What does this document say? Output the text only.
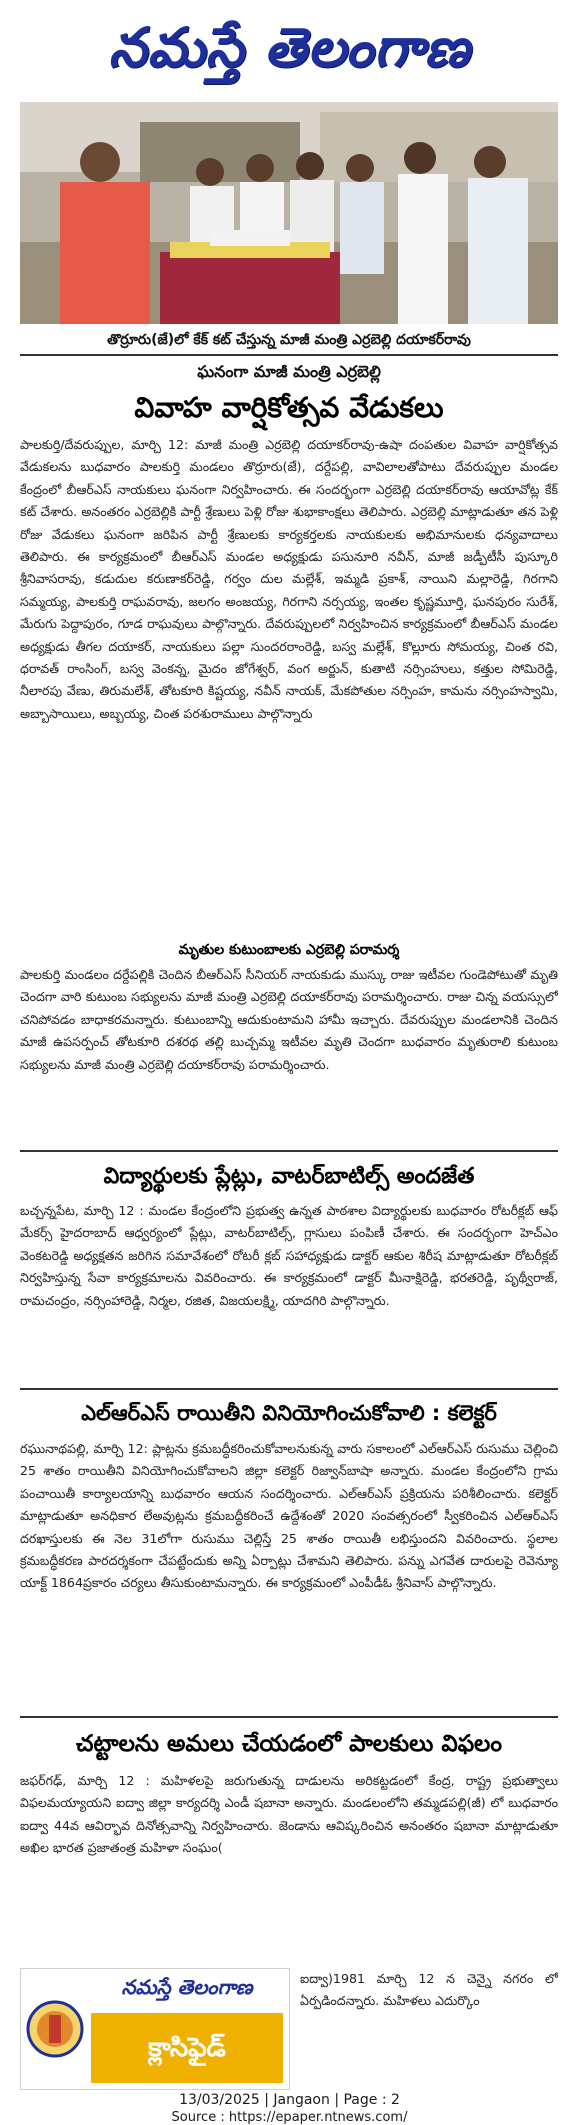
నమస్తే తెలంగాణ
తొర్రూరు(జే)లో కేక్ కట్ చేస్తున్న మాజీ మంత్రి ఎర్రబెల్లి దయాకర్‌రావు
ఘనంగా మాజీ మంత్రి ఎర్రబెల్లి
వివాహ వార్షికోత్సవ వేడుకలు

పాలకుర్తి/దేవరుప్పుల, మార్చి 12: మాజీ మంత్రి ఎర్రబెల్లి దయాకర్‌రావు-ఉషా దంపతుల వివాహ వార్షికోత్సవ వేడుకలను బుధవారం పాలకుర్తి మండలం తొర్రూరు(జే), దర్దేపల్లి, వావిలాలతోపాటు దేవరుప్పుల మండల కేంద్రంలో బీఆర్‌ఎస్ నాయకులు ఘనంగా నిర్వహించారు. ఈ సందర్భంగా ఎర్రబెల్లి దయాకర్‌రావు ఆయావోట్ల కేక్ కట్ చేశారు. అనంతరం ఎర్రబెల్లికి పార్టీ శ్రేణులు పెళ్లి రోజు శుభాకాంక్షలు తెలిపారు. ఎర్రబెల్లి మాట్లాడుతూ తన పెళ్లి రోజు వేడుకలు ఘనంగా జరిపిన పార్టీ శ్రేణులకు కార్యకర్తలకు నాయకులకు అభిమానులకు ధన్యవాదాలు తెలిపారు. ఈ కార్యక్రమంలో బీఆర్‌ఎస్ మండల అధ్యక్షుడు పసునూరి నవీన్, మాజీ జడ్పీటీసీ పుస్కూరి శ్రీనివాసరావు, కడుదుల కరుణాకర్‌రెడ్డి, గర్వం దుల మల్లేశ్, ఇమ్మడి ప్రకాశ్, నాయిని మల్లారెడ్డి, గిరగాని సమ్మయ్య, పాలకుర్తి రాఘవరావు, జలగం అంజయ్య, గిరగాని నర్సయ్య, ఇంతల కృష్ణమూర్తి, ఘనపురం సురేశ్, మేరుగు పెద్దాపురం, గూడ రాఘవులు పాల్గొన్నారు. దేవరుప్పులలో నిర్వహించిన కార్యక్రమంలో బీఆర్‌ఎస్ మండల అధ్యక్షుడు తీగల దయాకర్, నాయకులు పల్లా సుందరరాంరెడ్డి, బస్వ మల్లేశ్, కొల్లూరు సోమయ్య, చింత రవి, ధరావత్ రాంసింగ్, బస్వ వెంకన్న, మైదం జోగేశ్వర్, వంగ అర్జున్, కుతాటి నర్సింహులు, కత్తుల సోమిరెడ్డి, నీలారపు వేణు, తిరుమలేశ్, తోటకూరి కిష్టయ్య, నవీన్ నాయక్, మేకపోతుల నర్సింహ, కామను నర్సింహస్వామి, అబ్బాసాయిలు, అబ్బయ్య, చింత పరశురాములు పాల్గొన్నారు

మృతుల కుటుంబాలకు ఎర్రబెల్లి పరామర్శ

పాలకుర్తి మండలం దర్దేపల్లికి చెందిన బీఆర్‌ఎస్ సీనియర్ నాయకుడు ముస్కు రాజు ఇటీవల గుండెపోటుతో మృతి చెందగా వారి కుటుంబ సభ్యులను మాజీ మంత్రి ఎర్రబెల్లి దయాకర్‌రావు పరామర్శించారు. రాజు చిన్న వయస్సులో చనిపోవడం బాధాకరమన్నారు. కుటుంబాన్ని ఆదుకుంటామని హామీ ఇచ్చారు. దేవరుప్పుల మండలానికి చెందిన మాజీ ఉపసర్పంచ్ తోటకూరి దశరథ తల్లి బుచ్చమ్మ ఇటీవల మృతి చెందగా బుధవారం మృతురాలి కుటుంబ సభ్యులను మాజీ మంత్రి ఎర్రబెల్లి దయాకర్‌రావు పరామర్శించారు.

విద్యార్థులకు ప్లేట్లు, వాటర్‌బాటిల్స్ అందజేత

బచ్చన్నపేట, మార్చి 12 : మండల కేంద్రంలోని ప్రభుత్వ ఉన్నత పాఠశాల విద్యార్థులకు బుధవారం రోటరీక్లబ్ ఆఫ్ మేకర్స్ హైదరాబాద్ ఆధ్వర్యంలో ప్లేట్లు, వాటర్‌బాటిల్స్, గ్లాసులు పంపిణీ చేశారు. ఈ సందర్భంగా హెచ్‌ఎం వెంకటరెడ్డి అధ్యక్షతన జరిగిన సమావేశంలో రోటరీ క్లబ్ సహాధ్యక్షుడు డాక్టర్ ఆకుల శిరీష మాట్లాడుతూ రోటరీక్లబ్ నిర్వహిస్తున్న సేవా కార్యక్రమాలను వివరించారు. ఈ కార్యక్రమంలో డాక్టర్ మీనాక్షిరెడ్డి, భరతరెడ్డి, పృథ్వీరాజ్, రామచంద్రం, నర్సింహారెడ్డి, నిర్మల, రజిత, విజయలక్ష్మి, యాదగిరి పాల్గొన్నారు.

ఎల్‌ఆర్‌ఎస్ రాయితీని వినియోగించుకోవాలి : కలెక్టర్

రఘునాథపల్లి, మార్చి 12: ప్లాట్లను క్రమబద్ధీకరించుకోవాలనుకున్న వారు సకాలంలో ఎల్‌ఆర్‌ఎస్ రుసుము చెల్లించి 25 శాతం రాయితీని వినియోగించుకోవాలని జిల్లా కలెక్టర్ రిజ్వాన్‌బాషా అన్నారు. మండల కేంద్రంలోని గ్రామ పంచాయితీ కార్యాలయాన్ని బుధవారం ఆయన సందర్శించారు. ఎల్‌ఆర్‌ఎస్ ప్రక్రియను పరిశీలించారు. కలెక్టర్ మాట్లాడుతూ అనధికార లేఅవుట్లను క్రమబద్ధీకరించే ఉద్దేశంతో 2020 సంవత్సరంలో స్వీకరించిన ఎల్‌ఆర్‌ఎస్ దరఖాస్తులకు ఈ నెల 31లోగా రుసుము చెల్లిస్తే 25 శాతం రాయితీ లభిస్తుందని వివరించారు. స్థలాల క్రమబద్ధీకరణ పారదర్శకంగా చేపట్టేందుకు అన్ని ఏర్పాట్లు చేశామని తెలిపారు. పన్ను ఎగవేత దారులపై రెవెన్యూ యాక్ట్ 1864ప్రకారం చర్యలు తీసుకుంటామన్నారు. ఈ కార్యక్రమంలో ఎంపీడీఓ శ్రీనివాస్ పాల్గొన్నారు.

చట్టాలను అమలు చేయడంలో పాలకులు విఫలం

జఫర్‌గఢ్, మార్చి 12 : మహిళలపై జరుగుతున్న దాడులను అరికట్టడంలో కేంద్ర, రాష్ట్ర ప్రభుత్వాలు విఫలమయ్యాయని ఐద్వా జిల్లా కార్యదర్శి ఎండీ షబానా అన్నారు. మండలంలోని తమ్మడపల్లి(జీ) లో బుధవారం ఐద్వా 44వ ఆవిర్భావ దినోత్సవాన్ని నిర్వహించారు. జెండాను ఆవిష్కరించిన అనంతరం షబానా మాట్లాడుతూ అఖిల భారత ప్రజాతంత్ర మహిళా సంఘం(

నమస్తే తెలంగాణ
క్లాసిఫైడ్
ఐద్వా)1981 మార్చి 12 న చెన్నై నగరం లో ఏర్పడిందన్నారు. మహిళలు ఎదుర్కొం
13/03/2025 | Jangaon | Page : 2
Source : https://epaper.ntnews.com/
